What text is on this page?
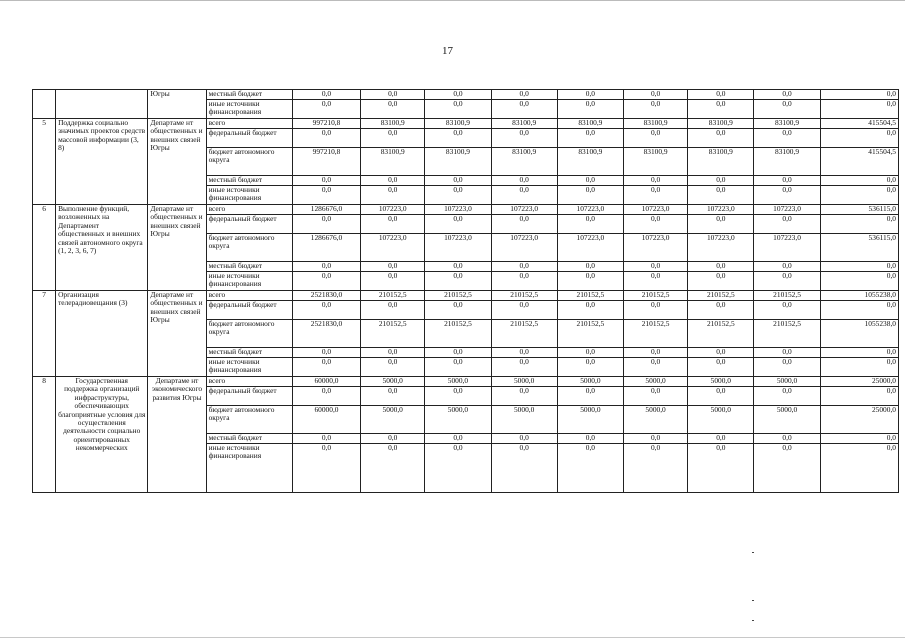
17
		Югры	местный бюджет	0,0	0,0	0,0	0,0	0,0	0,0	0,0	0,0	0,0
			иные источники финансирования	0,0	0,0	0,0	0,0	0,0	0,0	0,0	0,0	0,0
5	Поддержка социально значимых проектов средств массовой информации (3, 8)	Департаме нт общественных и внешних связей Югры	всего	997210,8	83100,9	83100,9	83100,9	83100,9	83100,9	83100,9	83100,9	415504,5
			федеральный бюджет	0,0	0,0	0,0	0,0	0,0	0,0	0,0	0,0	0,0
			бюджет автономного округа	997210,8	83100,9	83100,9	83100,9	83100,9	83100,9	83100,9	83100,9	415504,5
			местный бюджет	0,0	0,0	0,0	0,0	0,0	0,0	0,0	0,0	0,0
			иные источники финансирования	0,0	0,0	0,0	0,0	0,0	0,0	0,0	0,0	0,0
6	Выполнение функций, возложенных на Департамент общественных и внешних связей автономного округа (1, 2, 3, 6, 7)	Департаме нт общественных и внешних связей Югры	всего	1286676,0	107223,0	107223,0	107223,0	107223,0	107223,0	107223,0	107223,0	536115,0
			федеральный бюджет	0,0	0,0	0,0	0,0	0,0	0,0	0,0	0,0	0,0
			бюджет автономного округа	1286676,0	107223,0	107223,0	107223,0	107223,0	107223,0	107223,0	107223,0	536115,0
			местный бюджет	0,0	0,0	0,0	0,0	0,0	0,0	0,0	0,0	0,0
			иные источники финансирования	0,0	0,0	0,0	0,0	0,0	0,0	0,0	0,0	0,0
7	Организация телерадиовещания (3)	Департаме нт общественных и внешних связей Югры	всего	2521830,0	210152,5	210152,5	210152,5	210152,5	210152,5	210152,5	210152,5	1055238,0
			федеральный бюджет	0,0	0,0	0,0	0,0	0,0	0,0	0,0	0,0	0,0
			бюджет автономного округа	2521830,0	210152,5	210152,5	210152,5	210152,5	210152,5	210152,5	210152,5	1055238,0
			местный бюджет	0,0	0,0	0,0	0,0	0,0	0,0	0,0	0,0	0,0
			иные источники финансирования	0,0	0,0	0,0	0,0	0,0	0,0	0,0	0,0	0,0
8	Государственная поддержка организаций инфраструктуры, обеспечивающих благоприятные условия для осуществления деятельности социально ориентированных некоммерческих	Департаме нт экономического развития Югры	всего	60000,0	5000,0	5000,0	5000,0	5000,0	5000,0	5000,0	5000,0	25000,0
			федеральный бюджет	0,0	0,0	0,0	0,0	0,0	0,0	0,0	0,0	0,0
			бюджет автономного округа	60000,0	5000,0	5000,0	5000,0	5000,0	5000,0	5000,0	5000,0	25000,0
			местный бюджет	0,0	0,0	0,0	0,0	0,0	0,0	0,0	0,0	0,0
			иные источники финансирования	0,0	0,0	0,0	0,0	0,0	0,0	0,0	0,0	0,0
